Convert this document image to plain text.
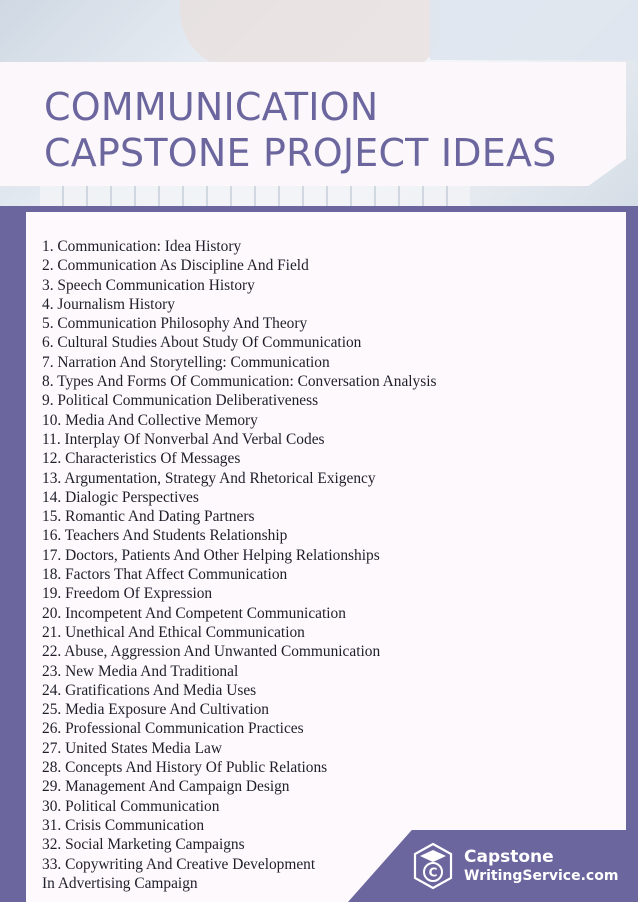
COMMUNICATION
CAPSTONE PROJECT IDEAS
1. Communication: Idea History
2. Communication As Discipline And Field
3. Speech Communication History
4. Journalism History
5. Communication Philosophy And Theory
6. Cultural Studies About Study Of Communication
7. Narration And Storytelling: Communication
8. Types And Forms Of Communication: Conversation Analysis
9. Political Communication Deliberativeness
10. Media And Collective Memory
11. Interplay Of Nonverbal And Verbal Codes
12. Characteristics Of Messages
13. Argumentation, Strategy And Rhetorical Exigency
14. Dialogic Perspectives
15. Romantic And Dating Partners
16. Teachers And Students Relationship
17. Doctors, Patients And Other Helping Relationships
18. Factors That Affect Communication
19. Freedom Of Expression
20. Incompetent And Competent Communication
21. Unethical And Ethical Communication
22. Abuse, Aggression And Unwanted Communication
23. New Media And Traditional
24. Gratifications And Media Uses
25. Media Exposure And Cultivation
26. Professional Communication Practices
27. United States Media Law
28. Concepts And History Of Public Relations
29. Management And Campaign Design
30. Political Communication
31. Crisis Communication
32. Social Marketing Campaigns
33. Copywriting And Creative Development
In Advertising Campaign
C
Capstone
WritingService.com
